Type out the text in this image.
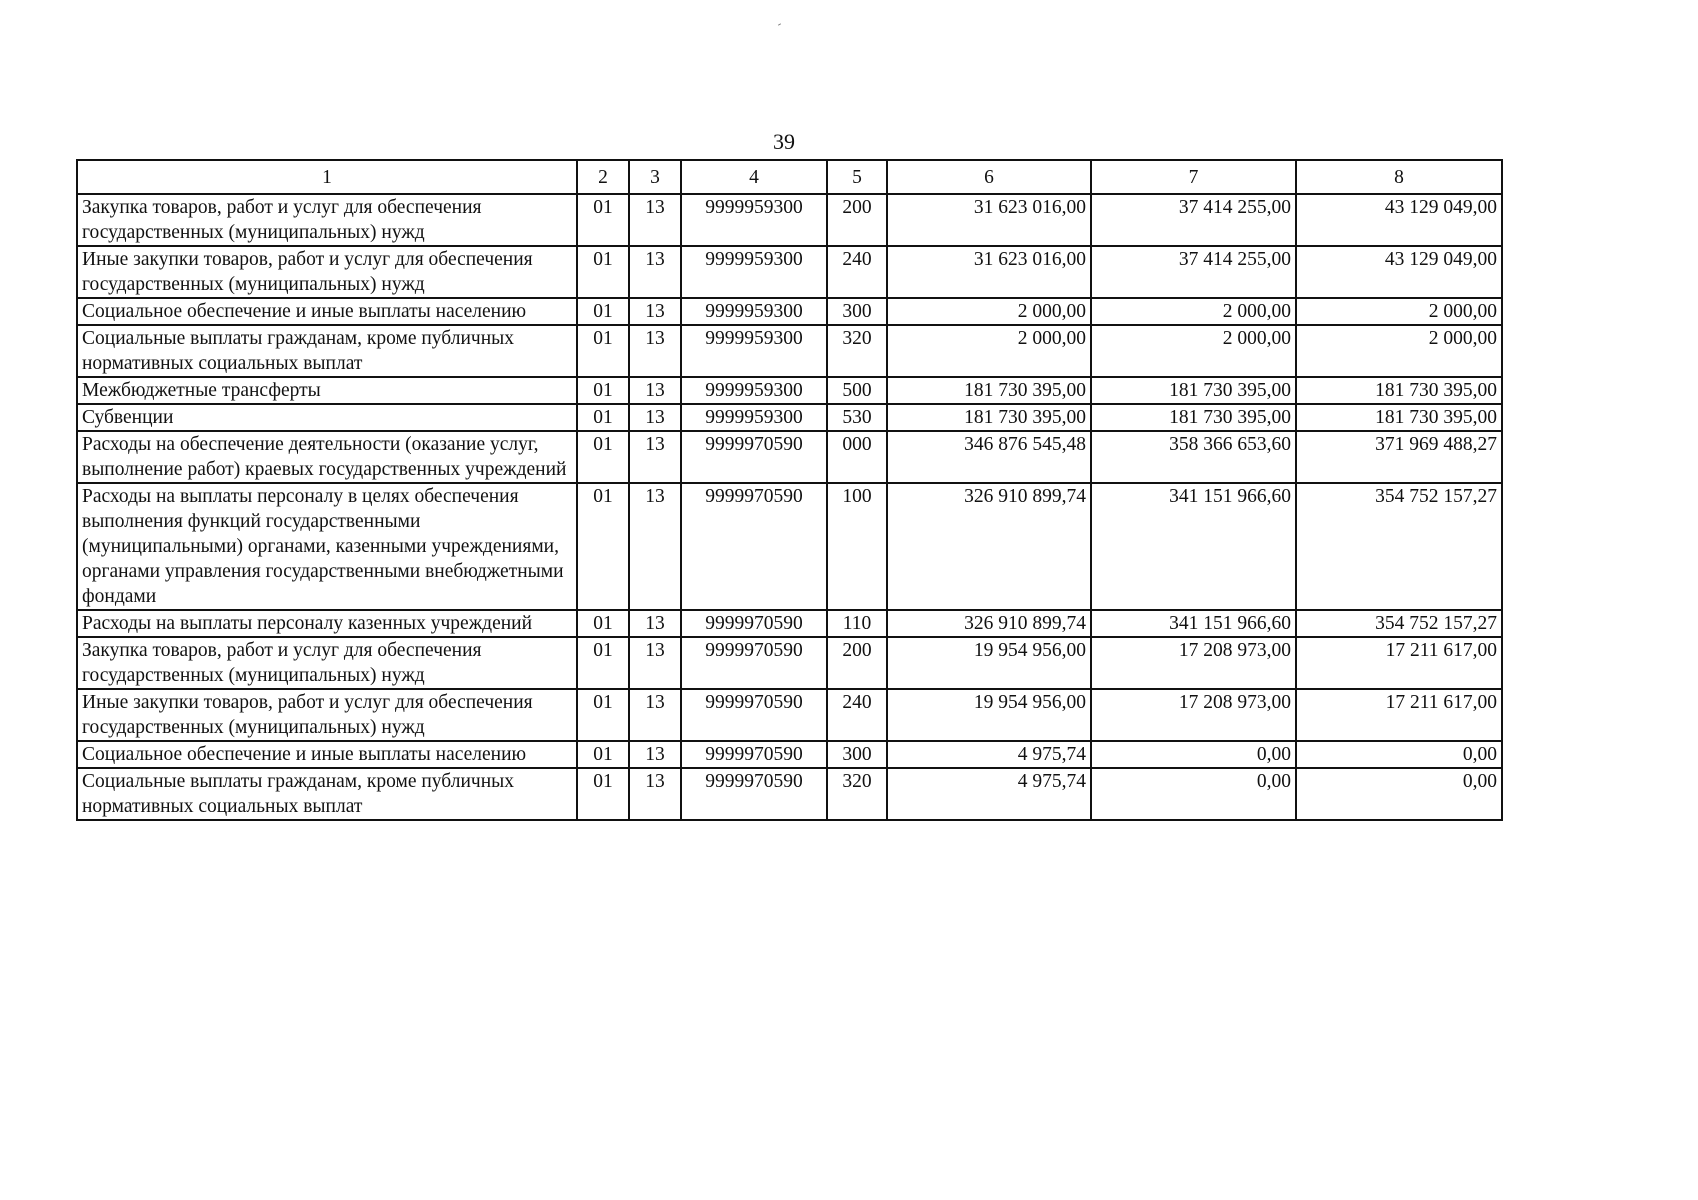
39
1	2	3	4	5	6	7	8
Закупка товаров, работ и услуг для обеспечения государственных (муниципальных) нужд	01	13	9999959300	200	31 623 016,00	37 414 255,00	43 129 049,00
Иные закупки товаров, работ и услуг для обеспечения государственных (муниципальных) нужд	01	13	9999959300	240	31 623 016,00	37 414 255,00	43 129 049,00
Социальное обеспечение и иные выплаты населению	01	13	9999959300	300	2 000,00	2 000,00	2 000,00
Социальные выплаты гражданам, кроме публичных нормативных социальных выплат	01	13	9999959300	320	2 000,00	2 000,00	2 000,00
Межбюджетные трансферты	01	13	9999959300	500	181 730 395,00	181 730 395,00	181 730 395,00
Субвенции	01	13	9999959300	530	181 730 395,00	181 730 395,00	181 730 395,00
Расходы на обеспечение деятельности (оказание услуг, выполнение работ) краевых государственных учреждений	01	13	9999970590	000	346 876 545,48	358 366 653,60	371 969 488,27
Расходы на выплаты персоналу в целях обеспечения выполнения функций государственными (муниципальными) органами, казенными учреждениями, органами управления государственными внебюджетными фондами	01	13	9999970590	100	326 910 899,74	341 151 966,60	354 752 157,27
Расходы на выплаты персоналу казенных учреждений	01	13	9999970590	110	326 910 899,74	341 151 966,60	354 752 157,27
Закупка товаров, работ и услуг для обеспечения государственных (муниципальных) нужд	01	13	9999970590	200	19 954 956,00	17 208 973,00	17 211 617,00
Иные закупки товаров, работ и услуг для обеспечения государственных (муниципальных) нужд	01	13	9999970590	240	19 954 956,00	17 208 973,00	17 211 617,00
Социальное обеспечение и иные выплаты населению	01	13	9999970590	300	4 975,74	0,00	0,00
Социальные выплаты гражданам, кроме публичных нормативных социальных выплат	01	13	9999970590	320	4 975,74	0,00	0,00
